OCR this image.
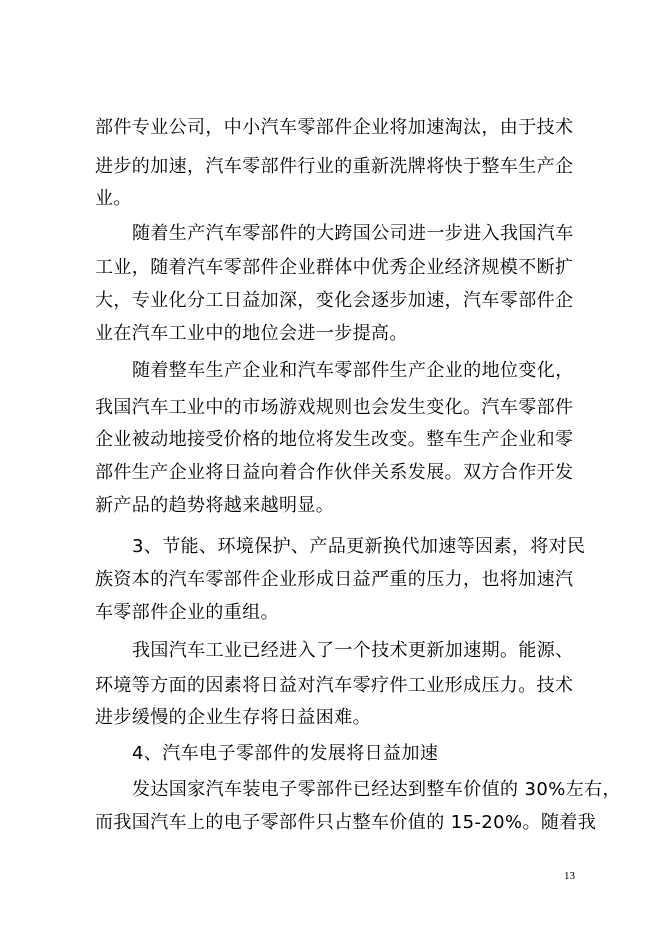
部件专业公司，中小汽车零部件企业将加速淘汰，由于技术
进步的加速，汽车零部件行业的重新洗牌将快于整车生产企
业。
随着生产汽车零部件的大跨国公司进一步进入我国汽车
工业，随着汽车零部件企业群体中优秀企业经济规模不断扩
大，专业化分工日益加深，变化会逐步加速，汽车零部件企
业在汽车工业中的地位会进一步提高。
随着整车生产企业和汽车零部件生产企业的地位变化，
我国汽车工业中的市场游戏规则也会发生变化。汽车零部件
企业被动地接受价格的地位将发生改变。整车生产企业和零
部件生产企业将日益向着合作伙伴关系发展。双方合作开发
新产品的趋势将越来越明显。
3、节能、环境保护、产品更新换代加速等因素，将对民
族资本的汽车零部件企业形成日益严重的压力，也将加速汽
车零部件企业的重组。
我国汽车工业已经进入了一个技术更新加速期。能源、
环境等方面的因素将日益对汽车零疗件工业形成压力。技术
进步缓慢的企业生存将日益困难。
4、汽车电子零部件的发展将日益加速
发达国家汽车装电子零部件已经达到整车价值的 30%左右，
而我国汽车上的电子零部件只占整车价值的 15-20%。随着我
13
